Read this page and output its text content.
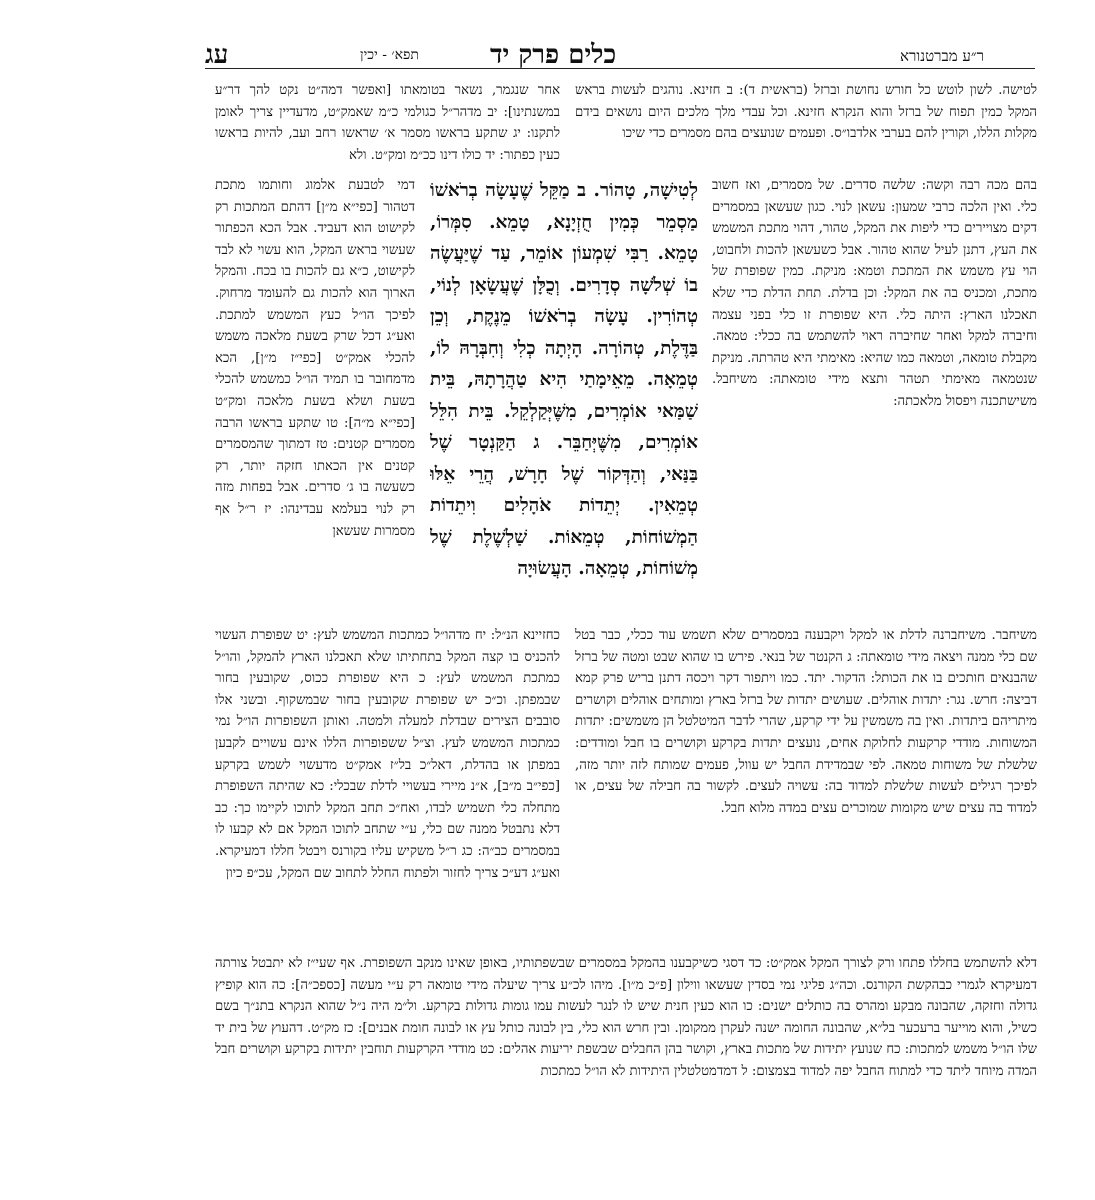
עג	תפא׳ - יכין	כלים פרק יד	ר״ע מברטנורא
לטישה. לשון לוטש כל חורש נחושת וברזל (בראשית ד): ב חזינא. נוהגים לעשות בראש המקל כמין תפוח של ברזל והוא הנקרא חזינא. וכל עבדי מלך מלכים היום נושאים בידם מקלות הללו, וקורין להם בערבי אלדבו״ס. ופעמים שנועצים בהם מסמרים כדי שיכו
בהם מכה רבה וקשה: שלשה סדרים. של מסמרים, ואז חשוב כלי. ואין הלכה כרבי שמעון: עשאן לנוי. כגון שעשאן במסמרים דקים מצויירים כדי ליפות את המקל, טהור, דהוי מתכת המשמש את העץ, דתנן לעיל שהוא טהור. אבל כשעשאן להכות ולחבוט, הוי עץ משמש את המתכת וטמא: מניקת. כמין שפופרת של מתכת, ומכניס בה את המקל: וכן בדלת. תחת הדלת כדי שלא תאכלנו הארץ: היתה כלי. היא שפופרת זו כלי בפני עצמה וחיברה למקל ואחר שחיברה ראוי להשתמש בה ככלי: טמאה. מקבלת טומאה, וטמאה כמו שהיא: מאימתי היא טהרתה. מניקת שנטמאה מאימתי תטהר ותצא מידי טומאתה: משיחבל. משישתכנה ויפסול מלאכתה:
משיחבר. משיחברנה לדלת או למקל ויקבענה במסמרים שלא תשמש עוד ככלי, כבר בטל שם כלי ממנה ויצאה מידי טומאתה: ג הקנטר של בנאי. פירש בו שהוא שבט ומטה של ברזל שהבנאים חותכים בו את הכותל: הדקור. יתד. כמו ויתפור דקר ויכסה דתנן בריש פרק קמא דביצה: חרש. נגר: יתדות אוהלים. שעושים יתדות של ברזל בארץ ומותחים אוהלים וקושרים מיתריהם ביתדות. ואין בה משמשין על ידי קרקע, שהרי לדבר המיטלטל הן משמשים: יתדות המשוחות. מודדי קרקעות לחלוקת אחים, נועצים יתדות בקרקע וקושרים בו חבל ומודדים: שלשלת של משוחות טמאה. לפי שבמדידת החבל יש עוול, פעמים שמותח לזה יותר מזה, לפיכך רגילים לעשות שלשלת למדוד בה: עשויה לעצים. לקשור בה חבילה של עצים, או למדוד בה עצים שיש מקומות שמוכרים עצים במדה מלוא חבל.
לְטִישָׁה, טָהוֹר. ב מַקֵּל שֶׁעָשָׂה בְרֹאשׁוֹ מַסְמֵר כְּמִין חֻזְיָנָא, טָמֵא. סִמְּרוֹ, טָמֵא. רַבִּי שִׁמְעוֹן אוֹמֵר, עַד שֶׁיַּעֲשֶׂה בוֹ שְׁלֹשָׁה סְדָרִים. וְכֻלָּן שֶׁעֲשָׂאָן לְנוֹי, טְהוֹרִין. עָשָׂה בְרֹאשׁוֹ מֵנֶקֶת, וְכֵן בַּדֶּלֶת, טְהוֹרָה. הָיְתָה כְלִי וְחִבְּרָהּ לוֹ, טְמֵאָה. מֵאֵימָתַי הִיא טַהֲרָתָהּ, בֵּית שַׁמַּאי אוֹמְרִים, מִשֶּׁיְּקַלְקֵל. בֵּית הִלֵּל אוֹמְרִים, מִשֶּׁיְּחַבֵּר. ג הַקַּנְטָר שֶׁל בַּנַּאי, וְהַדְּקוֹר שֶׁל חָרָשׁ, הֲרֵי אֵלּוּ טְמֵאִין. יְתֵדוֹת אֹהָלִים וִיתֵדוֹת הַמְשׁוֹחוֹת, טְמֵאוֹת. שַׁלְשֶׁלֶת שֶׁל מְשׁוֹחוֹת, טְמֵאָה. הָעֲשׂוּיָה
אחר שנגמר, נשאר בטומאתו [ואפשר דמה״ט נקט להך דר״ע במשנתינו]: יב מדהר״ל כגולמי כ״מ שאמק״ט, מדעדיין צריך לאומן לתקנו: יג שתקע בראשו מסמר א׳ שראשו רחב ועב, להיות בראשו כעין כפתור: יד כולו דינו ככ״מ ומק״ט. ולא
דמי לטבעת אלמוג וחותמו מתכת דטהור [כפי״א מ״ן] דהתם המתכות רק לקישוט הוא דעביד. אבל הכא הכפתור שעשוי בראש המקל, הוא עשוי לא לבד לקישוט, כ״א גם להכות בו בכח. והמקל הארוך הוא להכות גם להעומד מרחוק. לפיכך הו״ל כעץ המשמש למתכת. ואע״ג דכל שרק בשעת מלאכה משמש להכלי אמק״ט [כפי״ז מ״ן], הכא מדמחובר בו תמיד הו״ל כמשמש להכלי בשעת ושלא בשעת מלאכה ומק״ט [כפי״א מ״ה]: טו שתקע בראשו הרבה מסמרים קטנים: טז דמתוך שהמסמרים קטנים אין הכאתו חזקה יותר, רק כשעשה בו ג׳ סדרים. אבל בפחות מזה רק לנוי בעלמא עבדינהו: יז ר״ל אף מסמרות שעשאן
כחזיינא הנ״ל: יח מדהו״ל כמתכות המשמש לעץ: יט שפופרת העשוי להכניס בו קצה המקל בתחתיתו שלא תאכלנו הארץ להמקל, והו״ל כמתכת המשמש לעץ: כ היא שפופרת ככוס, שקובעין בחור שבמפתן. וכ״כ יש שפופרת שקובעין בחור שבמשקוף. ובשני אלו סובבים הצירים שבדלת למעלה ולמטה. ואותן השפופרות הו״ל נמי כמתכות המשמש לעץ. וצ״ל ששפופרות הללו אינם עשויים לקבען במפתן או בהדלת, דאל״כ בל״ז אמק״ט מדעשוי לשמש בקרקע [כפי״ב מ״ב], א״נ מיירי בעשויי לדלת שבכלי: כא שהיתה השפופרת מתחלה כלי תשמיש לבדו, ואח״כ תחב המקל לתוכו לקיימו כך: כב דלא נתבטל ממנה שם כלי, ע״י שתחב לתוכו המקל אם לא קבעו לו במסמרים כב״ה: כג ר״ל משקיש עליו בקורנס ויבטל חללו דמעיקרא. ואע״ג דע״כ צריך לחזור ולפתוח החלל לתחוב שם המקל, עכ״פ כיון
דלא להשתמש בחללו פתחו ורק לצורך המקל אמק״ט: כד דסגי כשיקבענו בהמקל במסמרים שבשפתותיו, באופן שאינו מנקב השפופרת. אף שעי״ז לא יתבטל צורתה דמעיקרא לגמרי כבהקשת הקורנס. וכה״ג פליגי נמי בסדין שעשאו ווילון [פ״כ מ״ו]. מיהו לכ״ע צריך שיעלה מידי טומאה רק ע״י מעשה [כספכ״ה]: כה הוא קופיץ גדולה וחזקה, שהבונה מבקע ומהרס בה כותלים ישנים: כו הוא כעין חנית שיש לו לנגר לעשות עמו גומות גדולות בקרקע. ול״מ היה נ״ל שהוא הנקרא בתנ״ך בשם כשיל, והוא מוייער ברעכער בל״א, שהבונה החומה ישנה לעקרן ממקומן. ובין חרש הוא כלי, בין לבונה כותל עץ או לבונה חומת אבנים]: כז מק״ט. דהעוץ של בית יד שלו הו״ל משמש למתכות: כח שנועץ יתידות של מתכות בארץ, וקושר בהן החבלים שבשפת יריעות אהלים: כט מודדי הקרקעות תוחבין יתידות בקרקע וקושרים חבל המדה מיוחד ליתד כדי למתוח החבל יפה למדוד בצמצום: ל דמדמטלטלין היתידות לא הו״ל כמתכות
